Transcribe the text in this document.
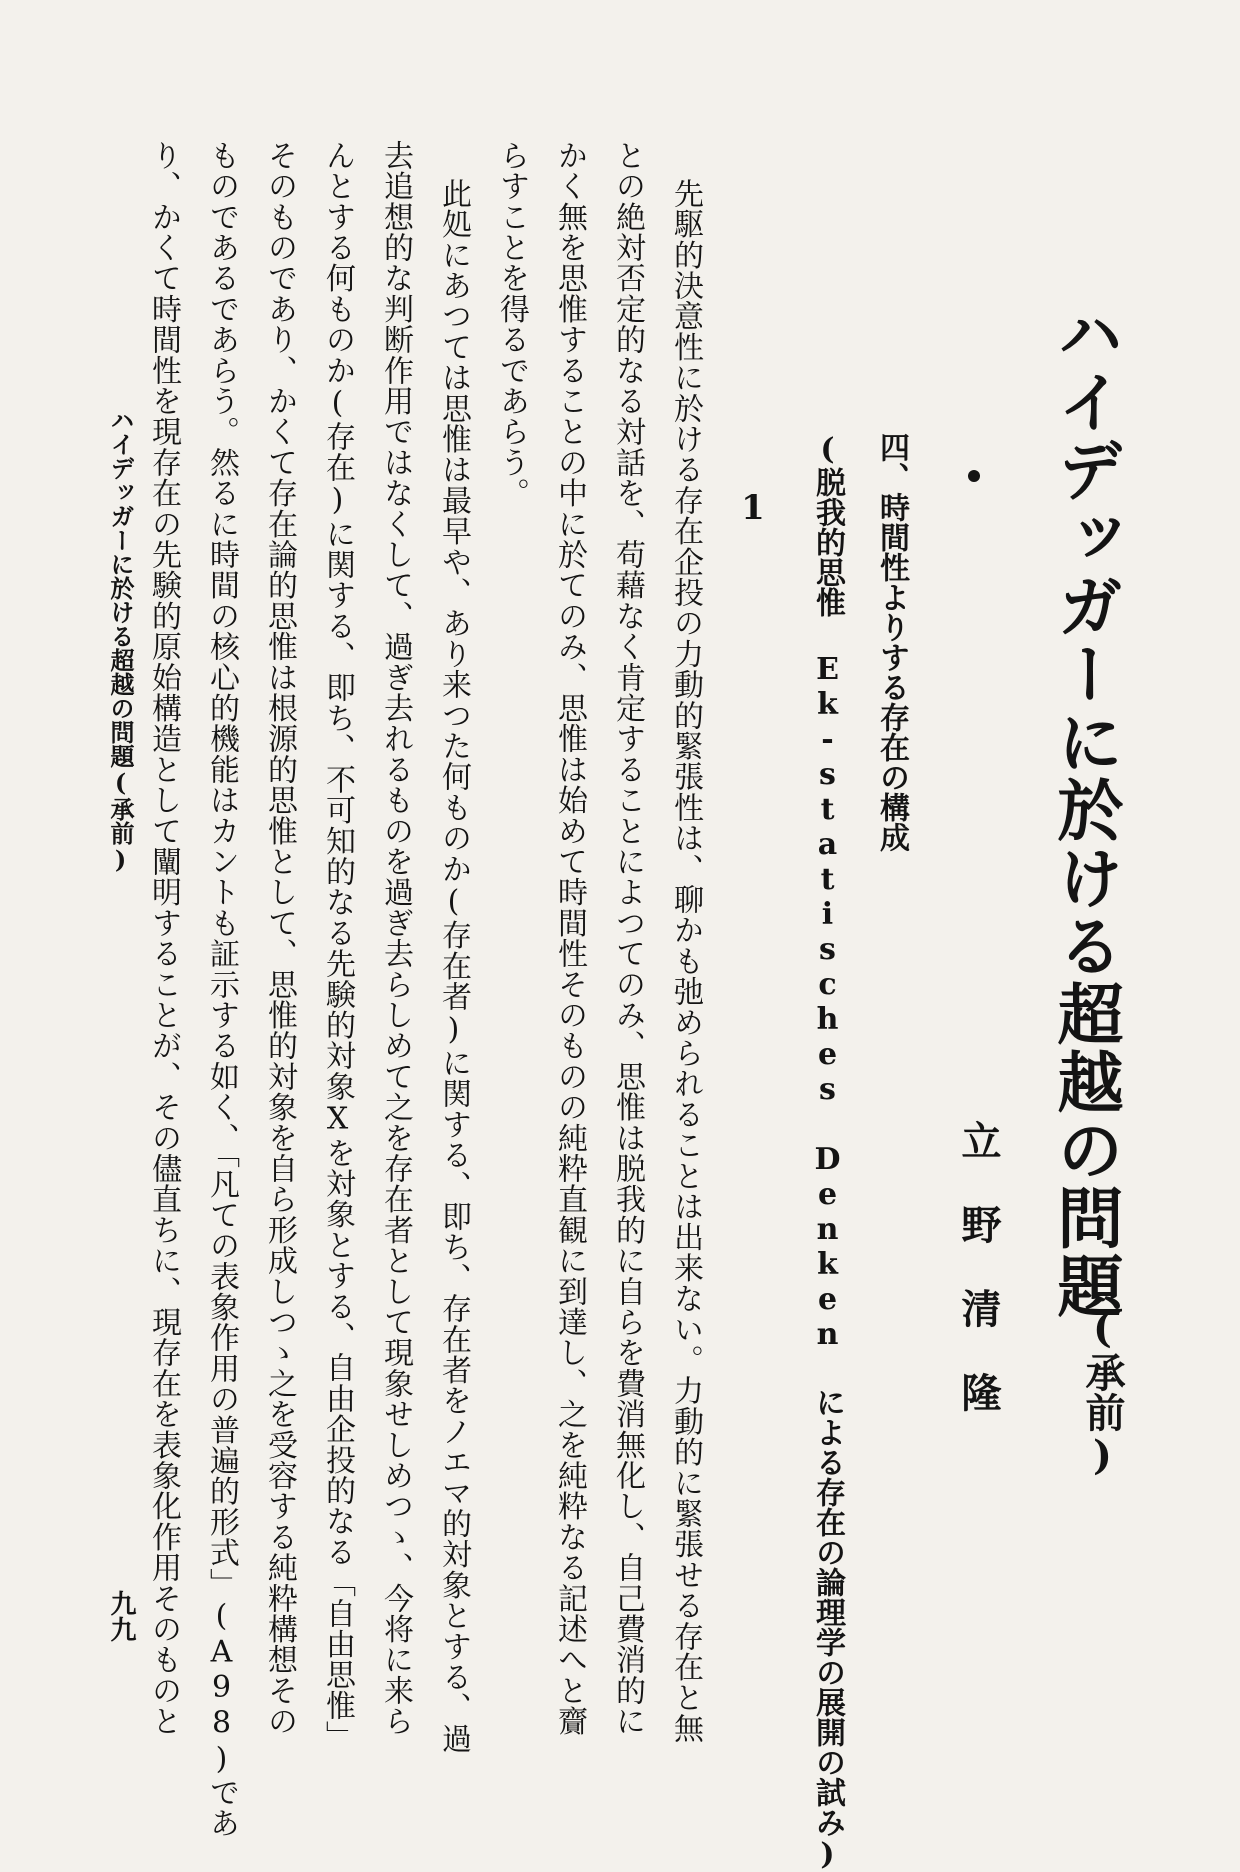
ハイデッガーに於ける超越の問題
(承前)
立野清隆
四、時間性よりする存在の構成
(脱我的思惟 Ek-statisches Denken による存在の論理学の展開の試み)
1
先駆的決意性に於ける存在企投の力動的緊張性は、聊かも弛められることは出来ない。力動的に緊張せる存在と無
との絶対否定的なる対話を、苟藉なく肯定することによつてのみ、思惟は脱我的に自らを費消無化し、自己費消的に
かく無を思惟することの中に於てのみ、思惟は始めて時間性そのものの純粋直観に到達し、之を純粋なる記述へと齎
らすことを得るであらう。
此処にあつては思惟は最早や、あり来つた何ものか(存在者)に関する、即ち、存在者をノエマ的対象とする、過
去追想的な判断作用ではなくして、過ぎ去れるものを過ぎ去らしめて之を存在者として現象せしめつゝ、今将に来ら
んとする何ものか(存在)に関する、即ち、不可知的なる先験的対象Xを対象とする、自由企投的なる「自由思惟」
そのものであり、かくて存在論的思惟は根源的思惟として、思惟的対象を自ら形成しつゝ之を受容する純粋構想その
ものであるであらう。然るに時間の核心的機能はカントも証示する如く、「凡ての表象作用の普遍的形式」(A98)であ
り、かくて時間性を現存在の先験的原始構造として闡明することが、その儘直ちに、現存在を表象化作用そのものと
ハイデッガーに於ける超越の問題(承前)
九九
